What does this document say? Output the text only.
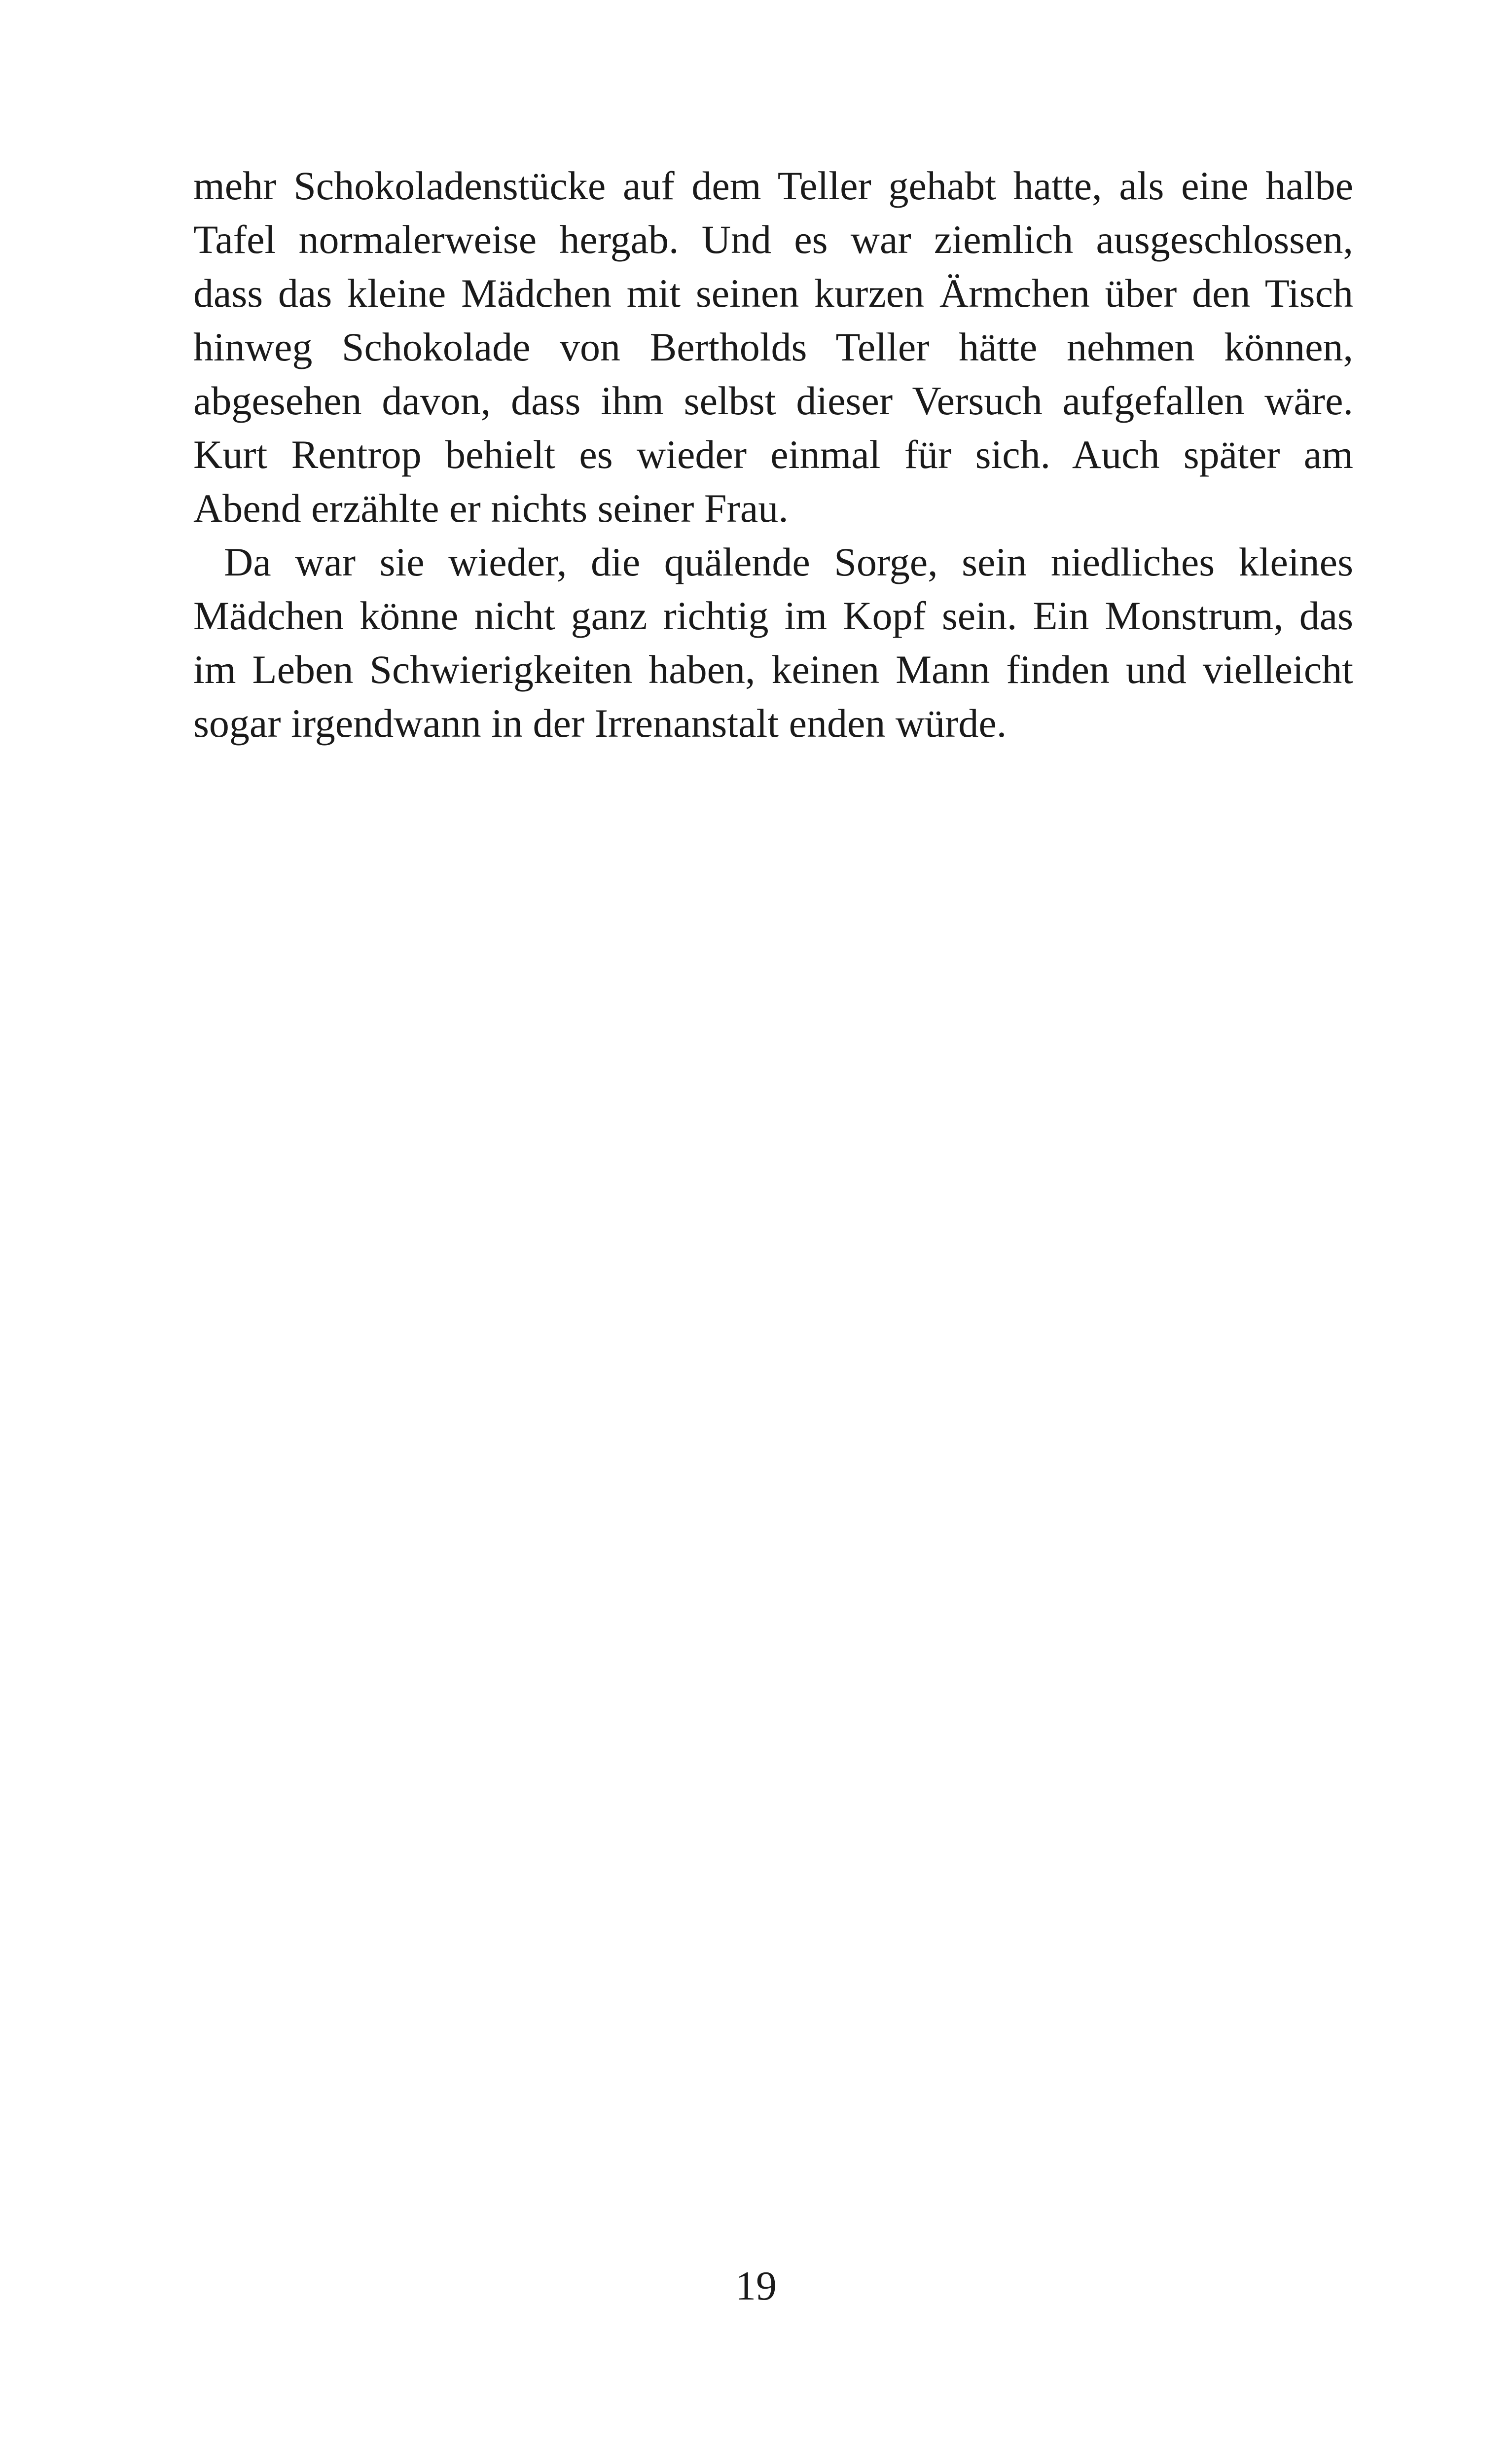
mehr Schokoladenstücke auf dem Teller gehabt hatte, als eine halbe
Tafel normalerweise hergab. Und es war ziemlich ausgeschlossen,
dass das kleine Mädchen mit seinen kurzen Ärmchen über den Tisch
hinweg Schokolade von Bertholds Teller hätte nehmen können,
abgesehen davon, dass ihm selbst dieser Versuch aufgefallen wäre.
Kurt Rentrop behielt es wieder einmal für sich. Auch später am
Abend erzählte er nichts seiner Frau.
Da war sie wieder, die quälende Sorge, sein niedliches kleines
Mädchen könne nicht ganz richtig im Kopf sein. Ein Monstrum, das
im Leben Schwierigkeiten haben, keinen Mann finden und vielleicht
sogar irgendwann in der Irrenanstalt enden würde.
19
